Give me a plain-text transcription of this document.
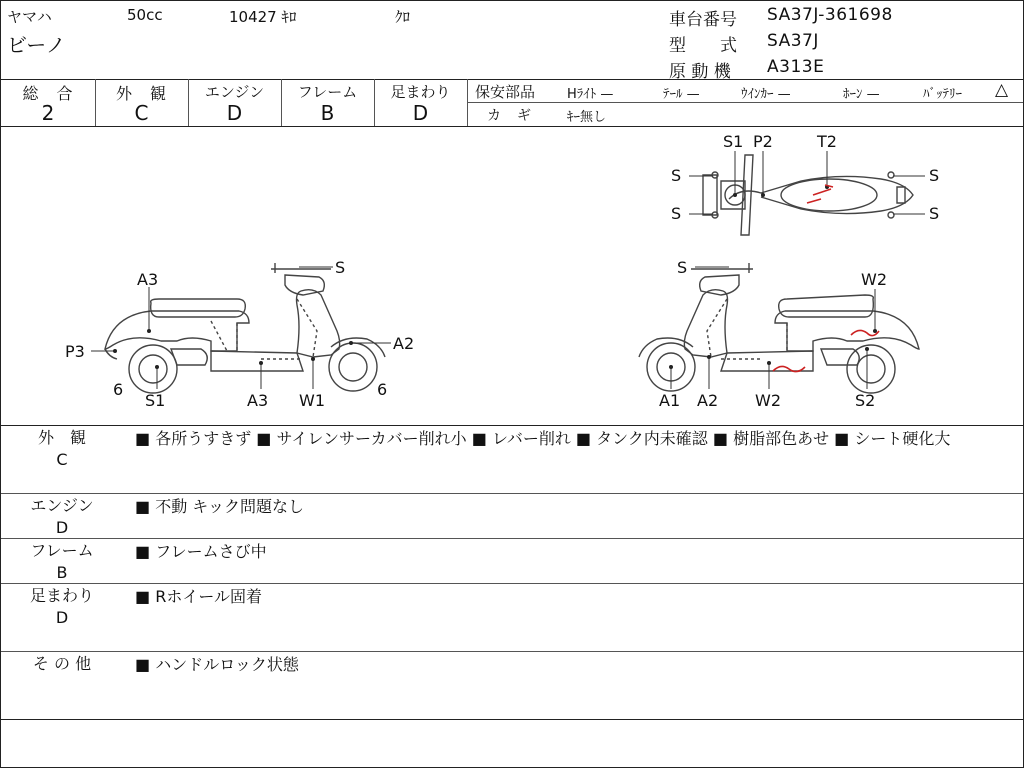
ヤマハ	50cc	10427 ｷﾛ	ｸﾛ
ビーノ
車台番号 SA37J-361698
型　　式 SA37J
原 動 機 A313E
総　合
2
外　観
C
エンジン
D
フレーム
B
足まわり
D
保安部品 Hﾗｲﾄ —	ﾃｰﾙ —	ｳｲﾝｶｰ —	ﾎｰﾝ —	ﾊﾞｯﾃﾘｰ △
カ　ギ	ｷｰ無し
S1 P2	T2
S
S
S
S
S
A3
A2
P3
6	6
S1	A3 W1
S
W2
A1 A2 W2	S2
外　観
C
■ 各所うすきず ■ サイレンサーカバー削れ小 ■ レバー削れ ■ タンク内未確認 ■ 樹脂部色あせ ■ シート硬化大
エンジン
D
■ 不動 キック問題なし
フレーム
B
■ フレームさび中
足まわり
D
■ Rホイール固着
そ の 他	■ ハンドルロック状態
